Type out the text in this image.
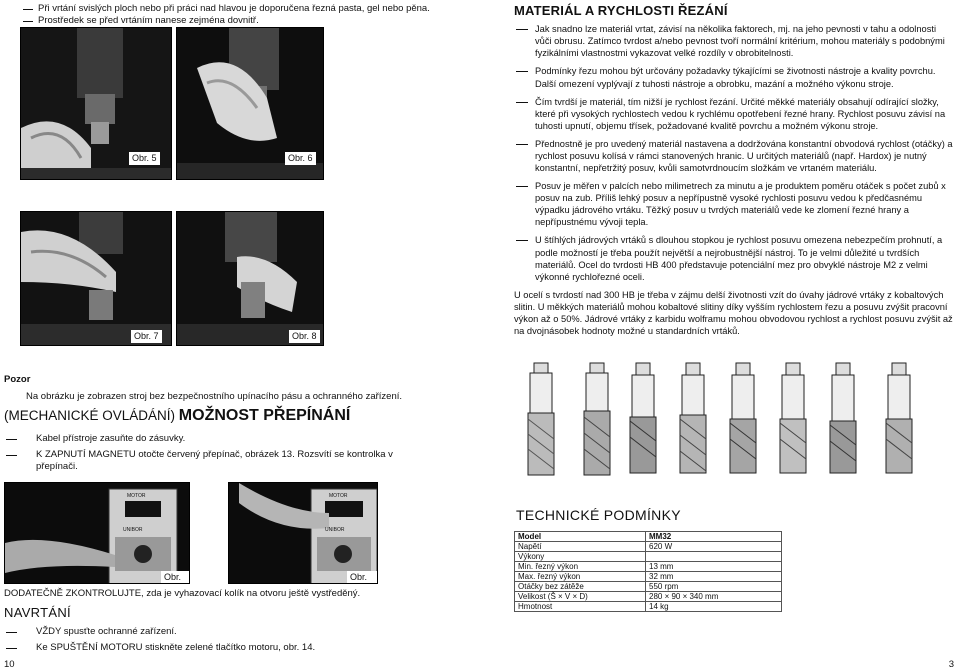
Při vrtání svislých ploch nebo při práci nad hlavou je doporučena řezná pasta, gel nebo pěna.
Prostředek se před vrtáním nanese zejména dovnitř.
Obr. 5	Obr. 6
Obr. 7	Obr. 8
MATERIÁL A RYCHLOSTI ŘEZÁNÍ
Jak snadno lze materiál vrtat, závisí na několika faktorech, mj. na jeho pevnosti v tahu a odolnosti vůči obrusu. Zatímco tvrdost a/nebo pevnost tvoří normální kritérium, mohou materiály s podobnými fyzikálními vlastnostmi vykazovat velké rozdíly v obrobitelnosti.
Podmínky řezu mohou být určovány požadavky týkajícími se životnosti nástroje a kvality povrchu. Další omezení vyplývají z tuhosti nástroje a obrobku, mazání a možného výkonu stroje.
Čím tvrdší je materiál, tím nižší je rychlost řezání. Určité měkké materiály obsahují odírající složky, které při vysokých rychlostech vedou k rychlému opotřebení řezné hrany. Rychlost posuvu závisí na tuhosti upnutí, objemu třísek, požadované kvalitě povrchu a možném výkonu stroje.
Přednostně je pro uvedený materiál nastavena a dodržována konstantní obvodová rychlost (otáčky) a rychlost posuvu kolísá v rámci stanovených hranic. U určitých materiálů (např. Hardox) je nutný konstantní, nepřetržitý posuv, kvůli samotvrdnoucím složkám ve vrtaném materiálu.
Posuv je měřen v palcích nebo milimetrech za minutu a je produktem poměru otáček s počet zubů x posuv na zub. Příliš lehký posuv a nepřípustně vysoké rychlosti posuvu vedou k předčasnému výpadku jádrového vrtáku. Těžký posuv u tvrdých materiálů vede ke zlomení řezné hrany a nepřípustnému vývoji tepla.
U štíhlých jádrových vrtáků s dlouhou stopkou je rychlost posuvu omezena nebezpečím prohnutí, a podle možností je třeba použít největší a nejrobustnější nástroj. To je velmi důležité u tvrdších materiálů. Ocel do tvrdosti HB 400 představuje potenciální mez pro obvyklé nástroje M2 z velmi výkonné rychlořezné oceli.
U ocelí s tvrdostí nad 300 HB je třeba v zájmu delší životnosti vzít do úvahy jádrové vrtáky z kobaltových slitin. U měkkých materiálů mohou kobaltové slitiny díky vyšším rychlostem řezu a posuvu zvýšit pracovní výkon až o 50%. Jádrové vrtáky z karbidu wolframu mohou obvodovou rychlost a rychlost posuvu zvýšit až na dvojnásobek hodnoty možné u standardních vrtáků.
Pozor
Na obrázku je zobrazen stroj bez bezpečnostního upínacího pásu a ochranného zařízení.
(MECHANICKÉ OVLÁDÁNÍ) MOŽNOST PŘEPÍNÁNÍ
Kabel přístroje zasuňte do zásuvky.
K ZAPNUTÍ MAGNETU otočte červený přepínač, obrázek 13. Rozsvítí se kontrolka v přepínači.
MOTOR
UNIBOR
Obr.
MOTOR
UNIBOR
Obr.
DODATEČNĚ ZKONTROLUJTE, zda je vyhazovací kolík na otvoru ještě vystředěný.
NAVRTÁNÍ
VŽDY spusťte ochranné zařízení.
Ke SPUŠTĚNÍ MOTORU stiskněte zelené tlačítko motoru, obr. 14.
TECHNICKÉ PODMÍNKY
Model	MM32
Napětí	620 W
Výkony	
Min. řezný výkon	13 mm
Max. řezný výkon	32 mm
Otáčky bez zátěže	550 rpm
Velikost (Š × V × D)	280 × 90 × 340 mm
Hmotnost	14 kg
10	3
